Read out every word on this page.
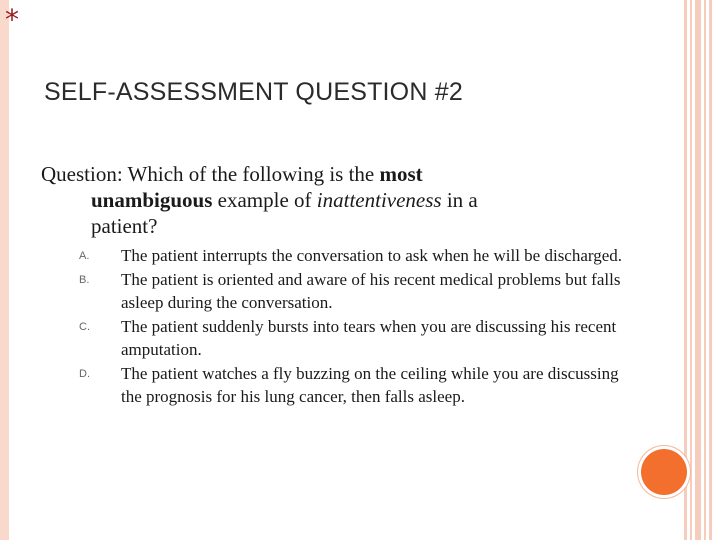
*
SELF-ASSESSMENT QUESTION #2
Question: Which of the following is the most
unambiguous example of inattentiveness in a
patient?
A. The patient interrupts the conversation to ask when he will be discharged.
B. The patient is oriented and aware of his recent medical problems but falls asleep during the conversation.
C. The patient suddenly bursts into tears when you are discussing his recent amputation.
D. The patient watches a fly buzzing on the ceiling while you are discussing the prognosis for his lung cancer, then falls asleep.
